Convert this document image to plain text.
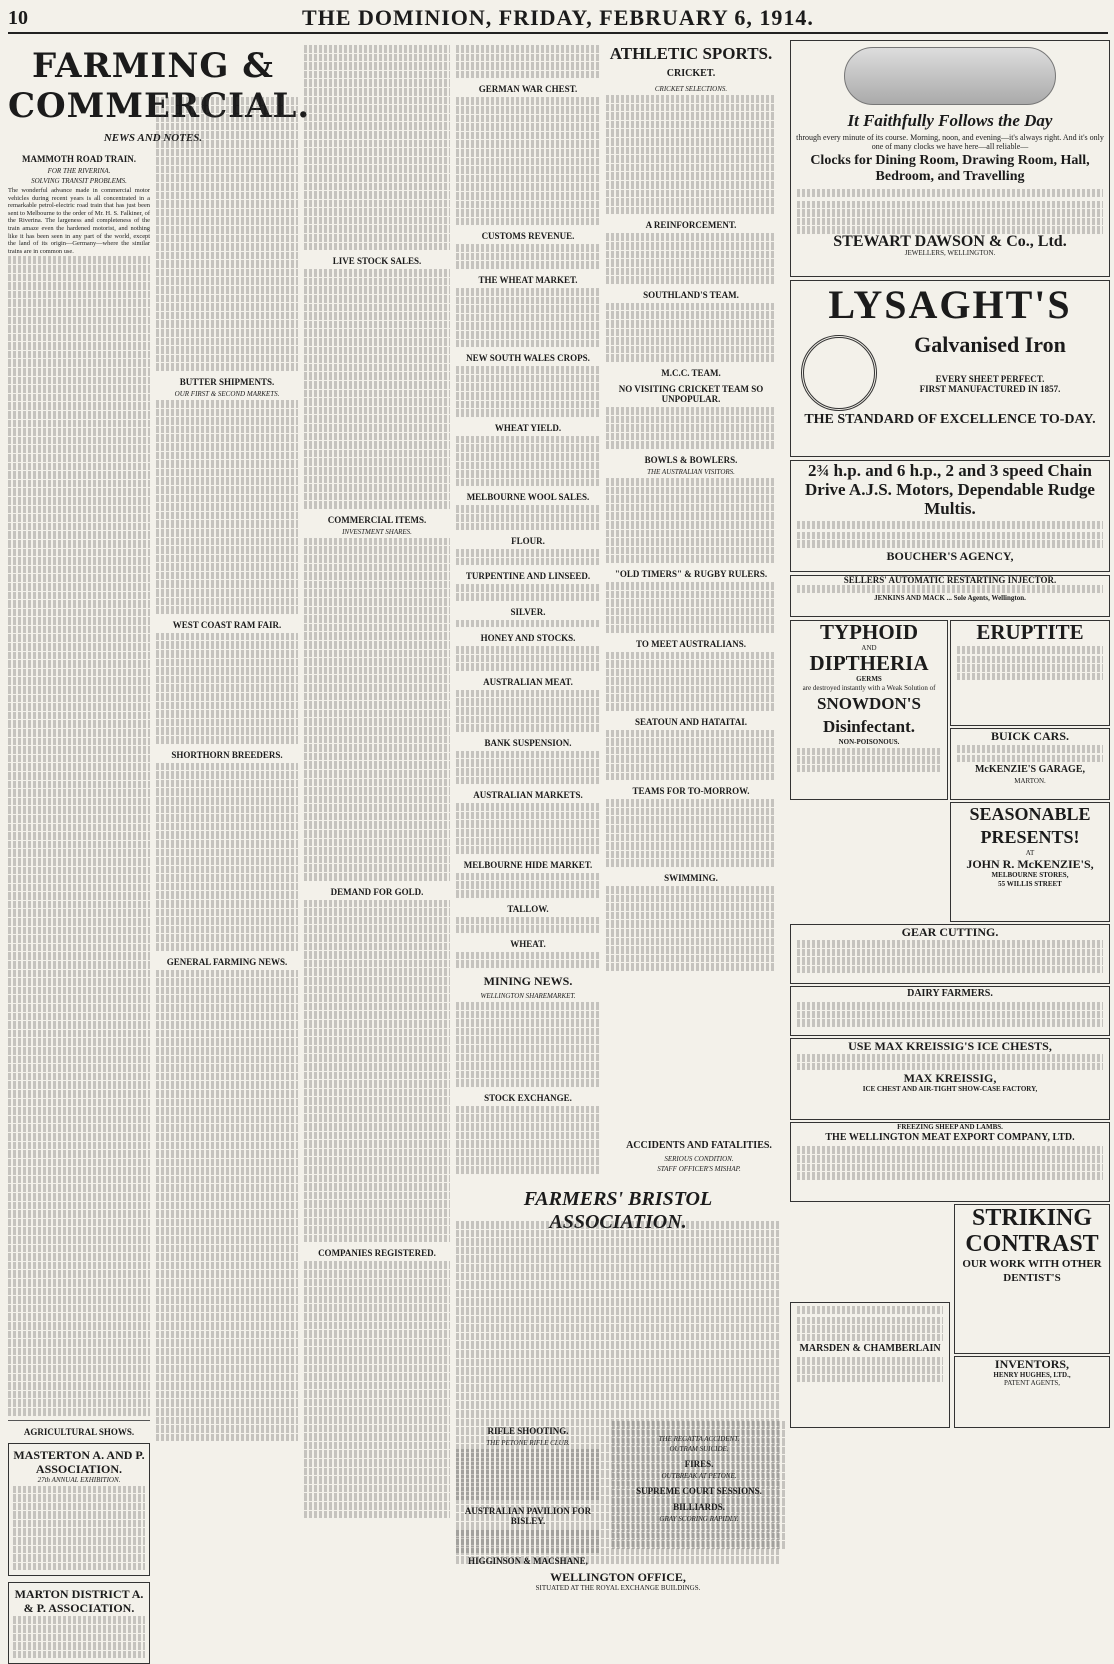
10	THE DOMINION, FRIDAY, FEBRUARY 6, 1914.
FARMING & COMMERCIAL.
NEWS AND NOTES.
MAMMOTH ROAD TRAIN.
FOR THE RIVERINA.
SOLVING TRANSIT PROBLEMS.
The wonderful advance made in commercial motor vehicles during recent years is all concentrated in a remarkable petrol-electric road train that has just been sent to Melbourne to the order of Mr. H. S. Falkiner, of the Riverina. The largeness and completeness of the train amaze even the hardened motorist, and nothing like it has been seen in any part of the world, except the land of its origin—Germany—where the similar trains are in common use.
AGRICULTURAL SHOWS.
MASTERTON A. AND P. ASSOCIATION.
27th ANNUAL EXHIBITION.
MARTON DISTRICT A. & P. ASSOCIATION.
BUTTER SHIPMENTS.
OUR FIRST & SECOND MARKETS.
WEST COAST RAM FAIR.
SHORTHORN BREEDERS.
GENERAL FARMING NEWS.
LIVE STOCK SALES.
COMMERCIAL ITEMS.
INVESTMENT SHARES.
DEMAND FOR GOLD.
COMPANIES REGISTERED.
GERMAN WAR CHEST.
CUSTOMS REVENUE.
THE WHEAT MARKET.
NEW SOUTH WALES CROPS.
WHEAT YIELD.
MELBOURNE WOOL SALES.
FLOUR.
TURPENTINE AND LINSEED.
SILVER.
HONEY AND STOCKS.
AUSTRALIAN MEAT.
BANK SUSPENSION.
AUSTRALIAN MARKETS.
MELBOURNE HIDE MARKET.
TALLOW.
WHEAT.
MINING NEWS.
WELLINGTON SHAREMARKET.
STOCK EXCHANGE.
ATHLETIC SPORTS.
CRICKET.
CRICKET SELECTIONS.
A REINFORCEMENT.
SOUTHLAND'S TEAM.
M.C.C. TEAM.
NO VISITING CRICKET TEAM SO UNPOPULAR.
BOWLS & BOWLERS.
THE AUSTRALIAN VISITORS.
"OLD TIMERS" & RUGBY RULERS.
TO MEET AUSTRALIANS.
SEATOUN AND HATAITAI.
TEAMS FOR TO-MORROW.
SWIMMING.
It Faithfully Follows the Day
through every minute of its course. Morning, noon, and evening—it's always right. And it's only one of many clocks we have here—all reliable—
Clocks for Dining Room, Drawing Room, Hall, Bedroom, and Travelling
STEWART DAWSON & Co., Ltd.
JEWELLERS, WELLINGTON.
LYSAGHT'S
Galvanised Iron
EVERY SHEET PERFECT.
FIRST MANUFACTURED IN 1857.
THE STANDARD OF EXCELLENCE TO-DAY.
2¾ h.p. and 6 h.p., 2 and 3 speed Chain Drive A.J.S. Motors, Dependable Rudge Multis.
BOUCHER'S AGENCY,
SELLERS' AUTOMATIC RESTARTING INJECTOR.
JENKINS AND MACK ... Sole Agents, Wellington.
TYPHOID
AND
DIPTHERIA
GERMS
are destroyed instantly with a Weak Solution of
SNOWDON'S Disinfectant.
NON-POISONOUS.
ERUPTITE
BUICK CARS.
McKENZIE'S GARAGE,
MARTON.
SEASONABLE PRESENTS!
AT
JOHN R. McKENZIE'S,
MELBOURNE STORES,
55 WILLIS STREET
GEAR CUTTING.
DAIRY FARMERS.
USE MAX KREISSIG'S ICE CHESTS,
MAX KREISSIG,
ICE CHEST AND AIR-TIGHT SHOW-CASE FACTORY,
FREEZING SHEEP AND LAMBS.
THE WELLINGTON MEAT EXPORT COMPANY, LTD.
MARSDEN & CHAMBERLAIN
STRIKING CONTRAST
OUR WORK WITH OTHER DENTIST'S
INVENTORS,
HENRY HUGHES, LTD.,
PATENT AGENTS,
FARMERS' BRISTOL ASSOCIATION.
WELLINGTON OFFICE,
SITUATED AT THE ROYAL EXCHANGE BUILDINGS.
RIFLE SHOOTING.
THE PETONE RIFLE CLUB.
AUSTRALIAN PAVILION FOR BISLEY.
HIGGINSON & MACSHANE,
ACCIDENTS AND FATALITIES.
SERIOUS CONDITION.
STAFF OFFICER'S MISHAP.
THE REGATTA ACCIDENT.
OUTRAM SUICIDE.
FIRES.
OUTBREAK AT PETONE.
SUPREME COURT SESSIONS.
BILLIARDS.
GRAY SCORING RAPIDLY.
